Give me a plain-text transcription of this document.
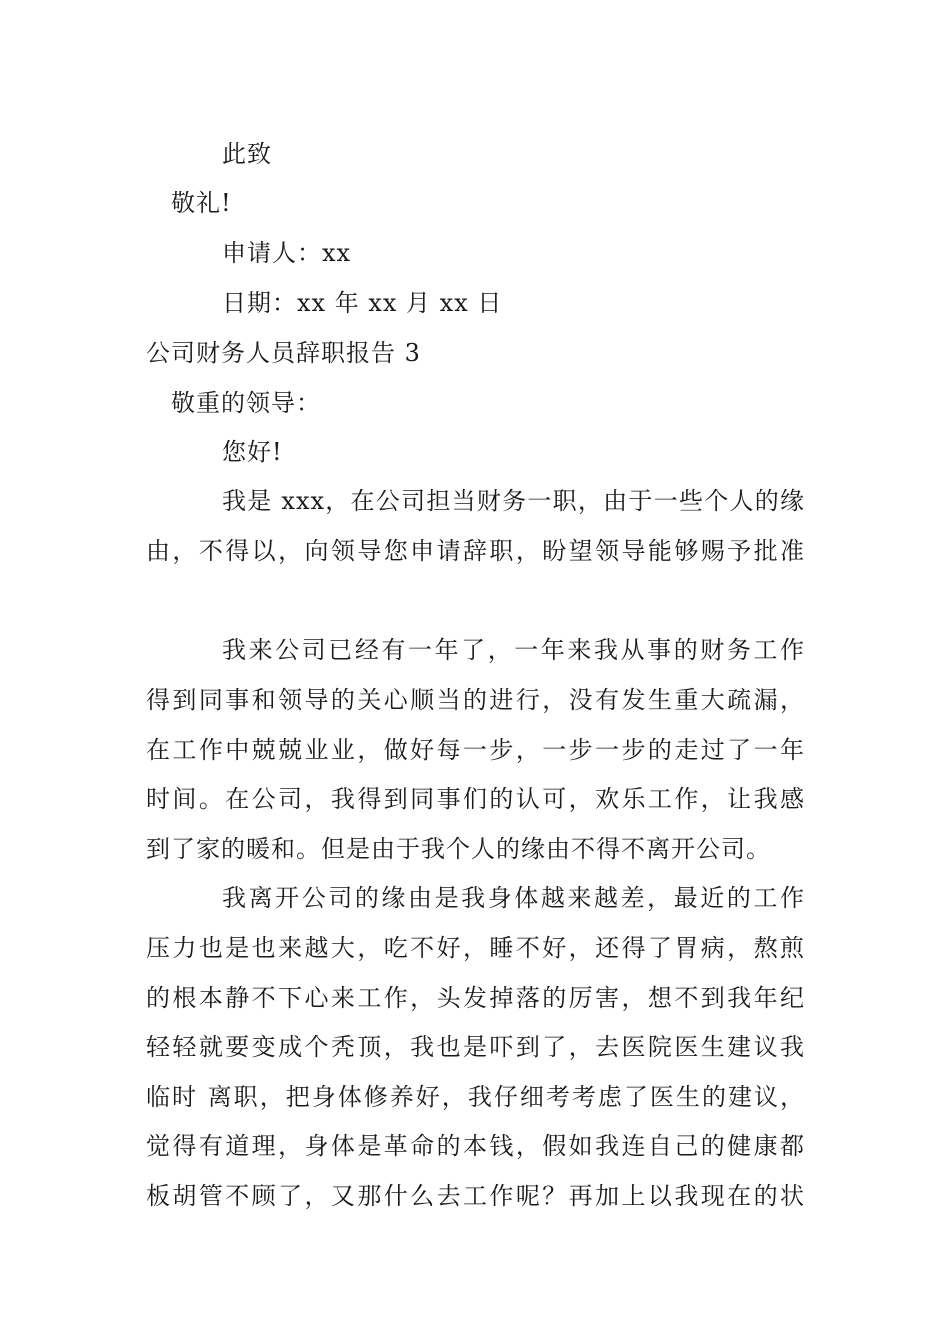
此致
敬礼!
申请人：xx
日期：xx 年 xx 月 xx 日
公司财务人员辞职报告 3
敬重的领导：
您好!
我是 xxx，在公司担当财务一职，由于一些个人的缘
由，不得以，向领导您申请辞职，盼望领导能够赐予批准
我来公司已经有一年了，一年来我从事的财务工作
得到同事和领导的关心顺当的进行，没有发生重大疏漏，
在工作中兢兢业业，做好每一步，一步一步的走过了一年
时间。在公司，我得到同事们的认可，欢乐工作，让我感
到了家的暖和。但是由于我个人的缘由不得不离开公司。
我离开公司的缘由是我身体越来越差，最近的工作
压力也是也来越大，吃不好，睡不好，还得了胃病，熬煎
的根本静不下心来工作，头发掉落的厉害，想不到我年纪
轻轻就要变成个秃顶，我也是吓到了，去医院医生建议我
临时 离职，把身体修养好，我仔细考考虑了医生的建议，
觉得有道理，身体是革命的本钱，假如我连自己的健康都
板胡管不顾了，又那什么去工作呢？再加上以我现在的状
